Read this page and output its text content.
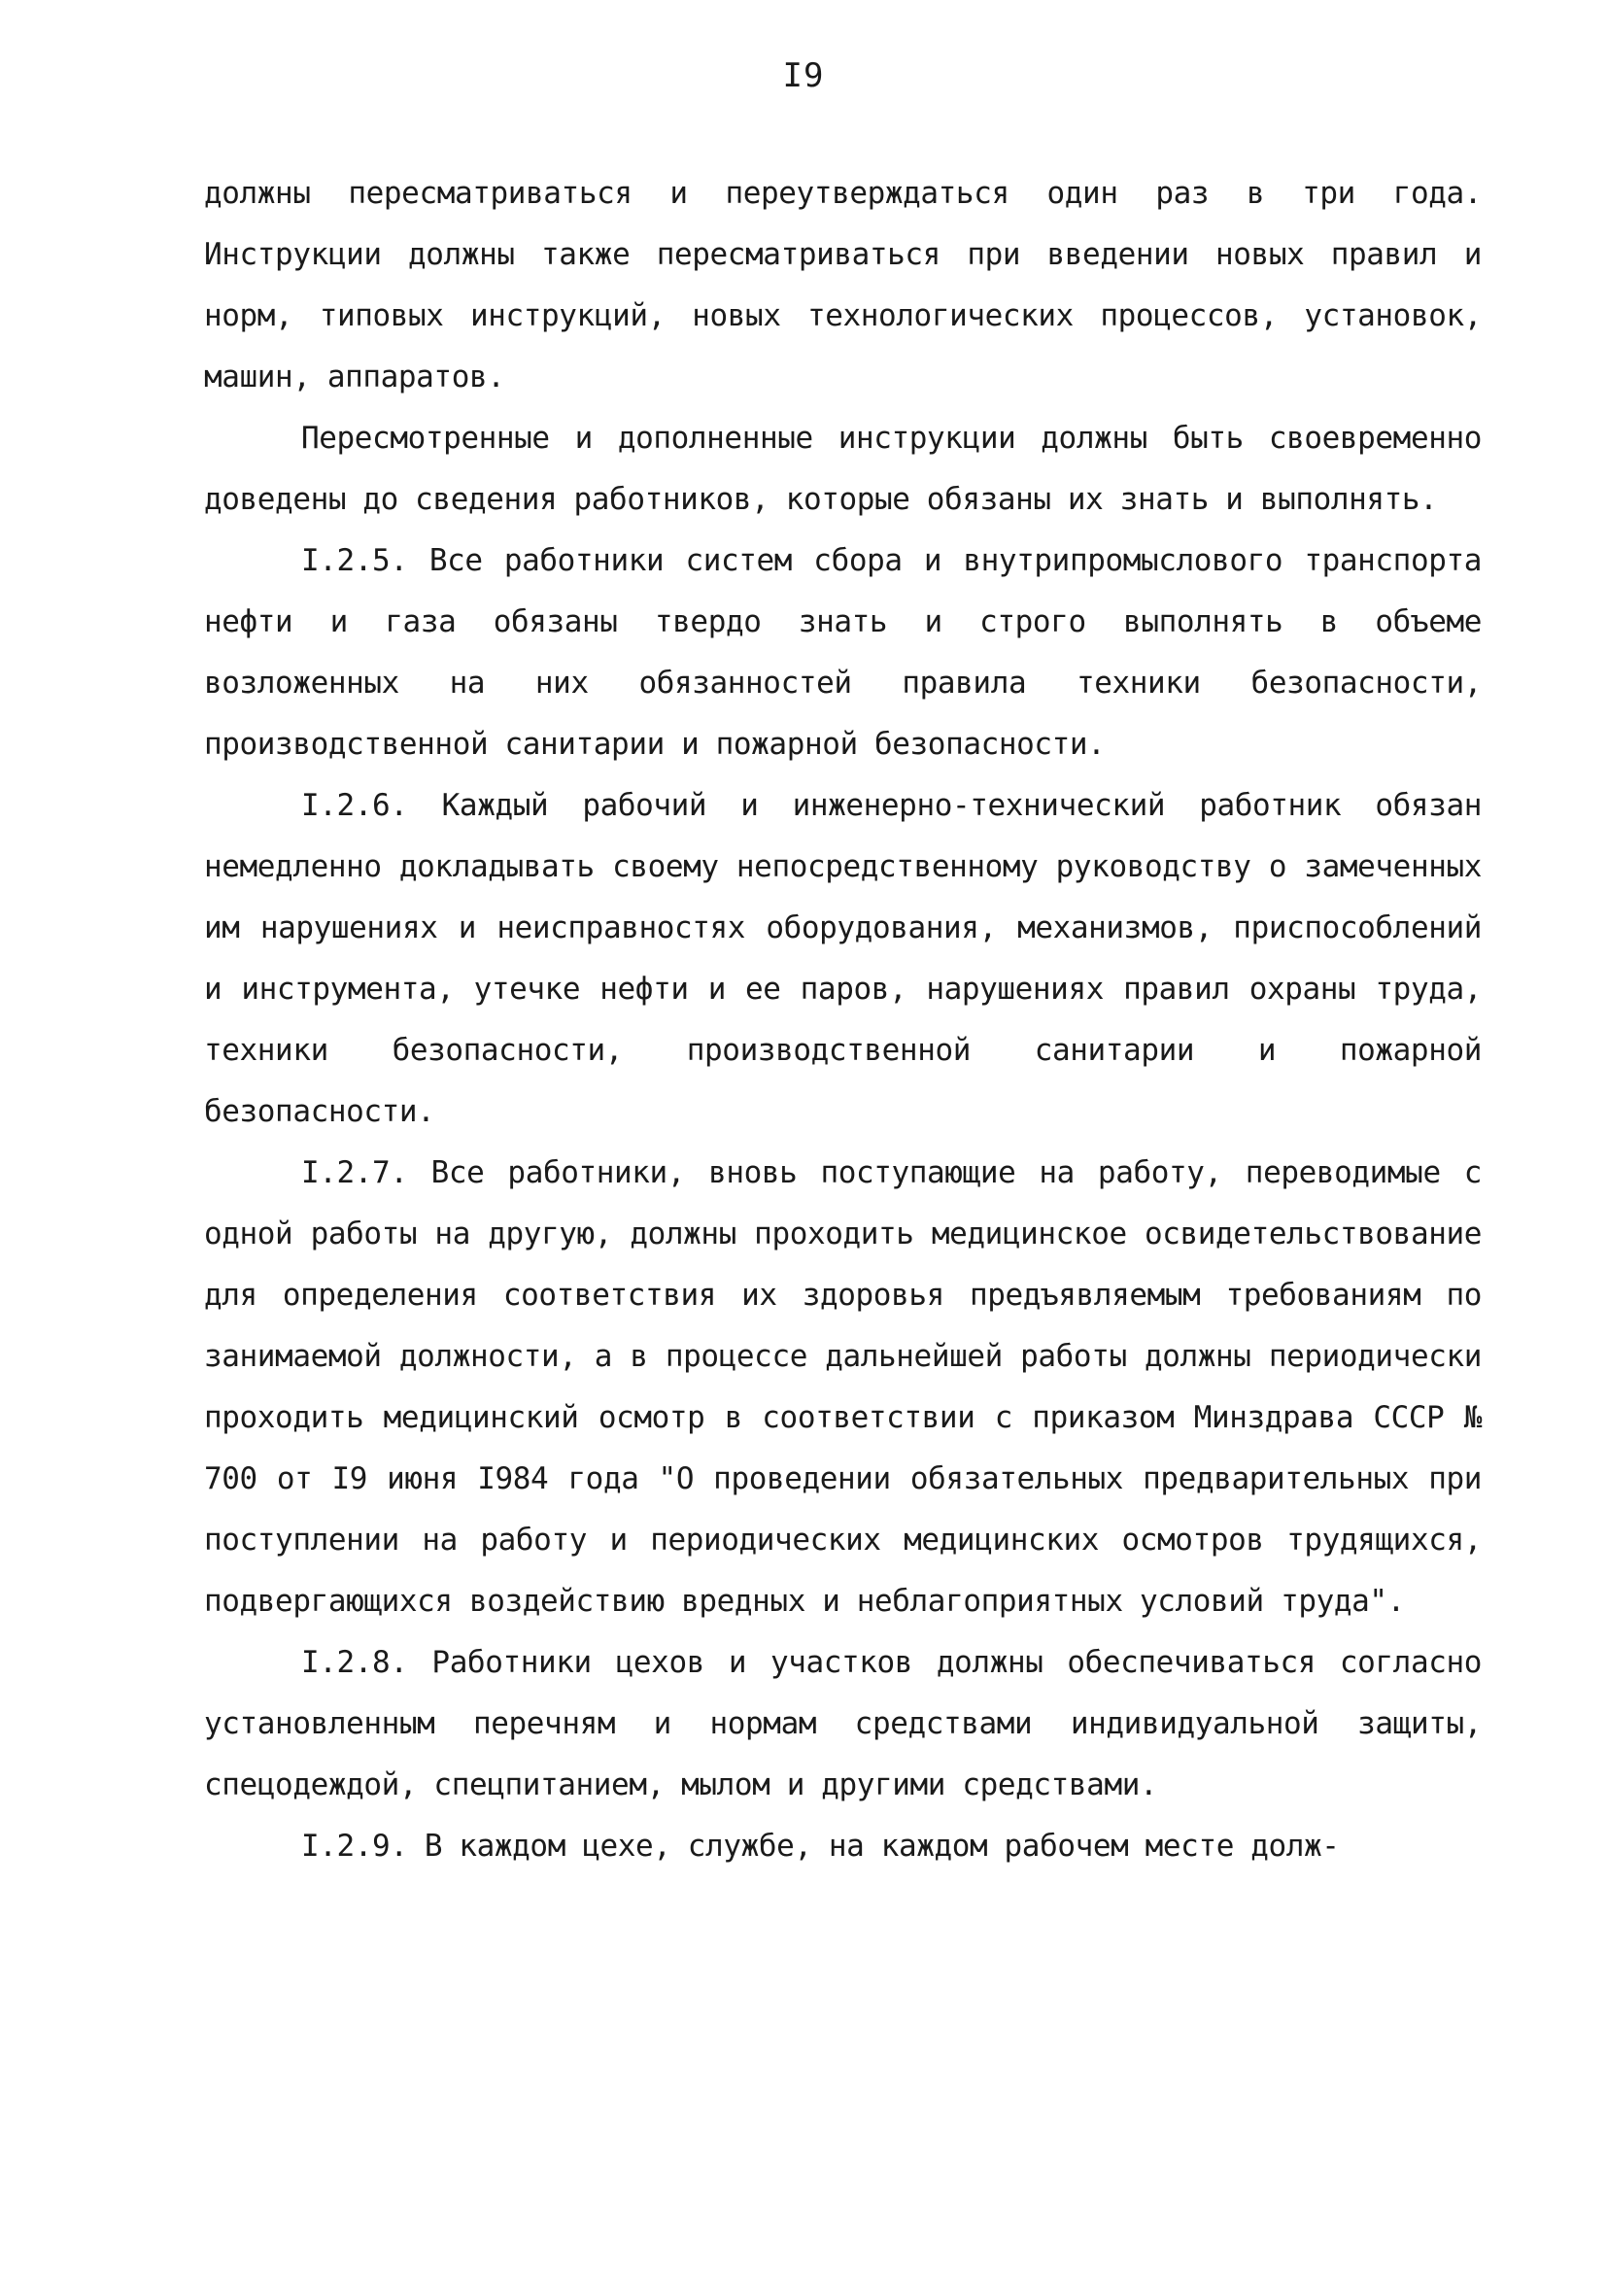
I9

должны пересматриваться и переутверждаться один раз в три года. Инструкции должны также пересматриваться при введении новых правил и норм, типовых инструкций, новых технологических процессов, установок, машин, аппаратов.

Пересмотренные и дополненные инструкции должны быть своевременно доведены до сведения работников, которые обязаны их знать и выполнять.

I.2.5. Все работники систем сбора и внутрипромыслового транспорта нефти и газа обязаны твердо знать и строго выполнять в объеме возложенных на них обязанностей правила техники безопасности, производственной санитарии и пожарной безопасности.

I.2.6. Каждый рабочий и инженерно-технический работник обязан немедленно докладывать своему непосредственному руководству о замеченных им нарушениях и неисправностях оборудования, механизмов, приспособлений и инструмента, утечке нефти и ее паров, нарушениях правил охраны труда, техники безопасности, производственной санитарии и пожарной безопасности.

I.2.7. Все работники, вновь поступающие на работу, переводимые с одной работы на другую, должны проходить медицинское освидетельствование для определения соответствия их здоровья предъявляемым требованиям по занимаемой должности, а в процессе дальнейшей работы должны периодически проходить медицинский осмотр в соответствии с приказом Минздрава СССР № 700 от I9 июня I984 года "О проведении обязательных предварительных при поступлении на работу и периодических медицинских осмотров трудящихся, подвергающихся воздействию вредных и неблагоприятных условий труда".

I.2.8. Работники цехов и участков должны обеспечиваться согласно установленным перечням и нормам средствами индивидуальной защиты, спецодеждой, спецпитанием, мылом и другими средствами.

I.2.9. В каждом цехе, службе, на каждом рабочем месте долж-
